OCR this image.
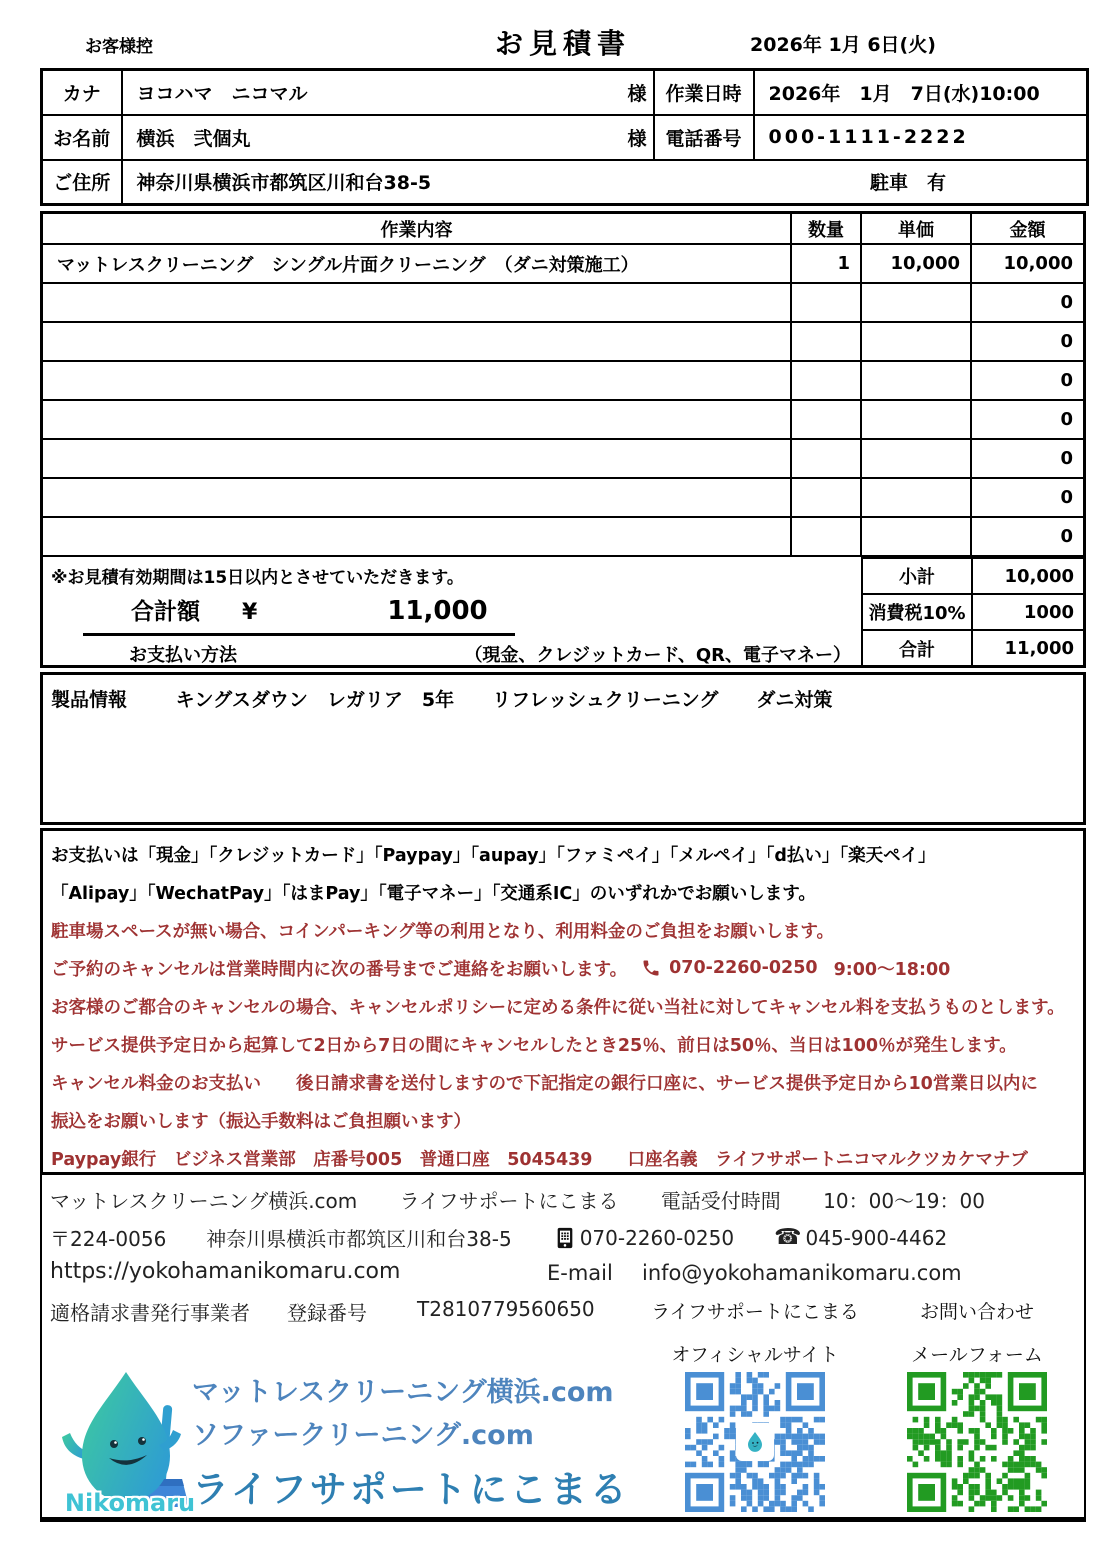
お客様控	お見積書	2026年 1月 6日(火)
カナ	ヨコハマ　ニコマル 様	作業日時	2026年　1月　7日(水)10:00
お名前	横浜　弐個丸 様	電話番号	000-1111-2222
ご住所	神奈川県横浜市都筑区川和台38-5 駐車　有		
作業内容	数量	単価	金額
マットレスクリーニング　シングル片面クリーニング　（ダニ対策施工）	1	10,000	10,000
			0
			0
			0
			0
			0
			0
			0
※お見積有効期間は15日以内とさせていただきます。
合計額 ¥	11,000
お支払い方法	（現金、クレジットカード、QR、電子マネー）
小計	10,000
消費税10%	1000
合計	11,000
製品情報	キングスダウン　レガリア　5年　　リフレッシュクリーニング　　ダニ対策
お支払いは「現金」「クレジットカード」「Paypay」「aupay」「ファミペイ」「メルペイ」「d払い」「楽天ペイ」
「Alipay」「WechatPay」「はまPay」「電子マネー」「交通系IC」のいずれかでお願いします。
駐車場スペースが無い場合、コインパーキング等の利用となり、利用料金のご負担をお願いします。
ご予約のキャンセルは営業時間内に次の番号までご連絡をお願いします。 070-2260-0250 9:00～18:00
お客様のご都合のキャンセルの場合、キャンセルポリシーに定める条件に従い当社に対してキャンセル料を支払うものとします。
サービス提供予定日から起算して2日から7日の間にキャンセルしたとき25％、前日は50％、当日は100％が発生します。
キャンセル料金のお支払い　　後日請求書を送付しますので下記指定の銀行口座に、サービス提供予定日から10営業日以内に
振込をお願いします（振込手数料はご負担願います）
Paypay銀行　ビジネス営業部　店番号005　普通口座　5045439　　口座名義　ライフサポートニコマルクツカケマナブ
マットレスクリーニング横浜.com ライフサポートにこまる 電話受付時間 10：00～19：00
〒224-0056 神奈川県横浜市都筑区川和台38-5	070-2260-0250 ☎ 045-900-4462
https://yokohamanikomaru.com	E-mail info@yokohamanikomaru.com
適格請求書発行事業者 登録番号	T2810779560650	ライフサポートにこまる
オフィシャルサイト
お問い合わせ
メールフォーム
Nikomaru
マットレスクリーニング横浜.com
ソファークリーニング.com
ライフサポートにこまる
